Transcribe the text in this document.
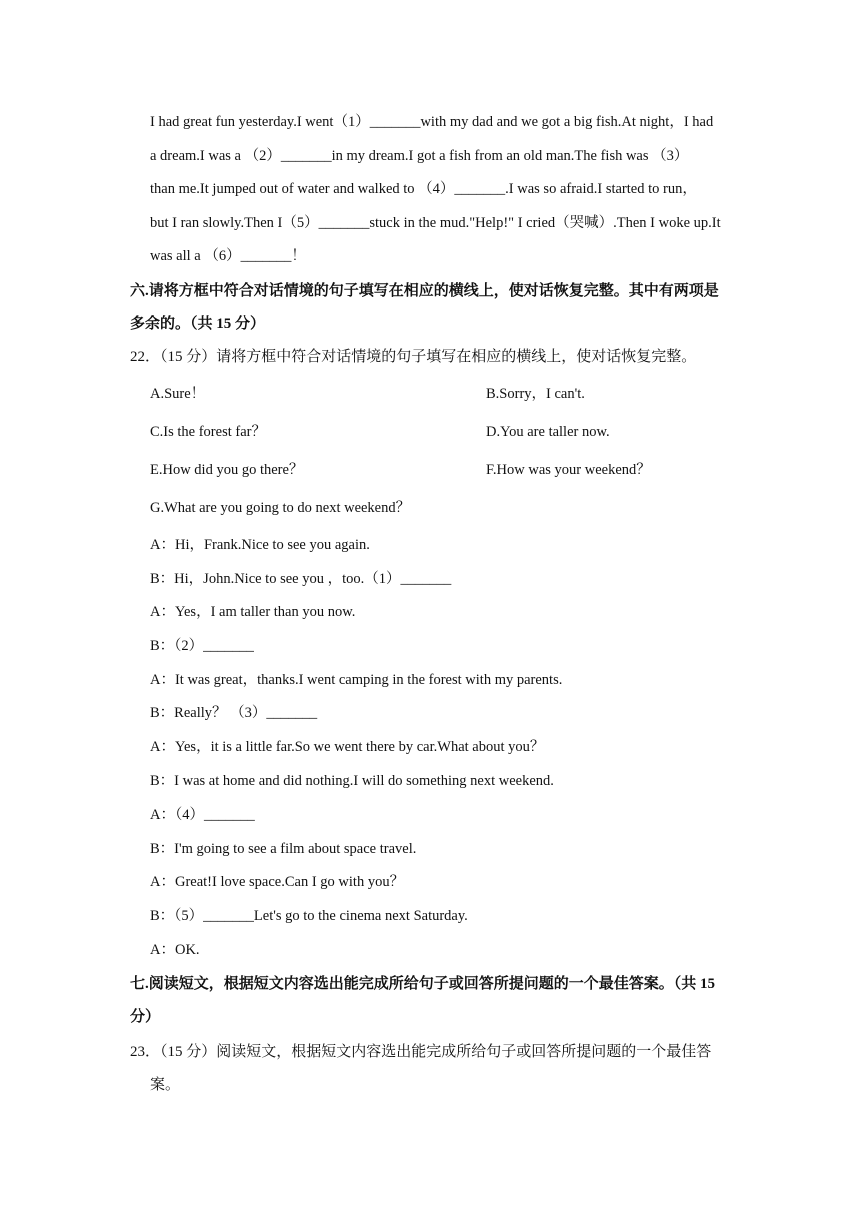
I had great fun yesterday.I went（1）_______with my dad and we got a big fish.At night，I had
a dream.I was a （2）_______in my dream.I got a fish from an old man.The fish was （3）
than me.It jumped out of water and walked to （4）_______.I was so afraid.I started to run，
but I ran slowly.Then I（5）_______stuck in the mud."Help!" I cried（哭喊）.Then I woke up.It
was all a （6）_______！
六.请将方框中符合对话情境的句子填写在相应的横线上，使对话恢复完整。其中有两项是
多余的。（共 15 分）
22．（15 分）请将方框中符合对话情境的句子填写在相应的横线上，使对话恢复完整。
A.Sure！	B.Sorry，I can't.
C.Is the forest far？	D.You are taller now.
E.How did you go there？	F.How was your weekend？
G.What are you going to do next weekend？
A：Hi，Frank.Nice to see you again.
B：Hi，John.Nice to see you ，too.（1）_______
A：Yes，I am taller than you now.
B：（2）_______
A：It was great，thanks.I went camping in the forest with my parents.
B：Really？ （3）_______
A：Yes，it is a little far.So we went there by car.What about you？
B：I was at home and did nothing.I will do something next weekend.
A：（4）_______
B：I'm going to see a film about space travel.
A：Great!I love space.Can I go with you？
B：（5）_______Let's go to the cinema next Saturday.
A：OK.
七.阅读短文，根据短文内容选出能完成所给句子或回答所提问题的一个最佳答案。（共 15
分）
23．（15 分）阅读短文，根据短文内容选出能完成所给句子或回答所提问题的一个最佳答
案。
